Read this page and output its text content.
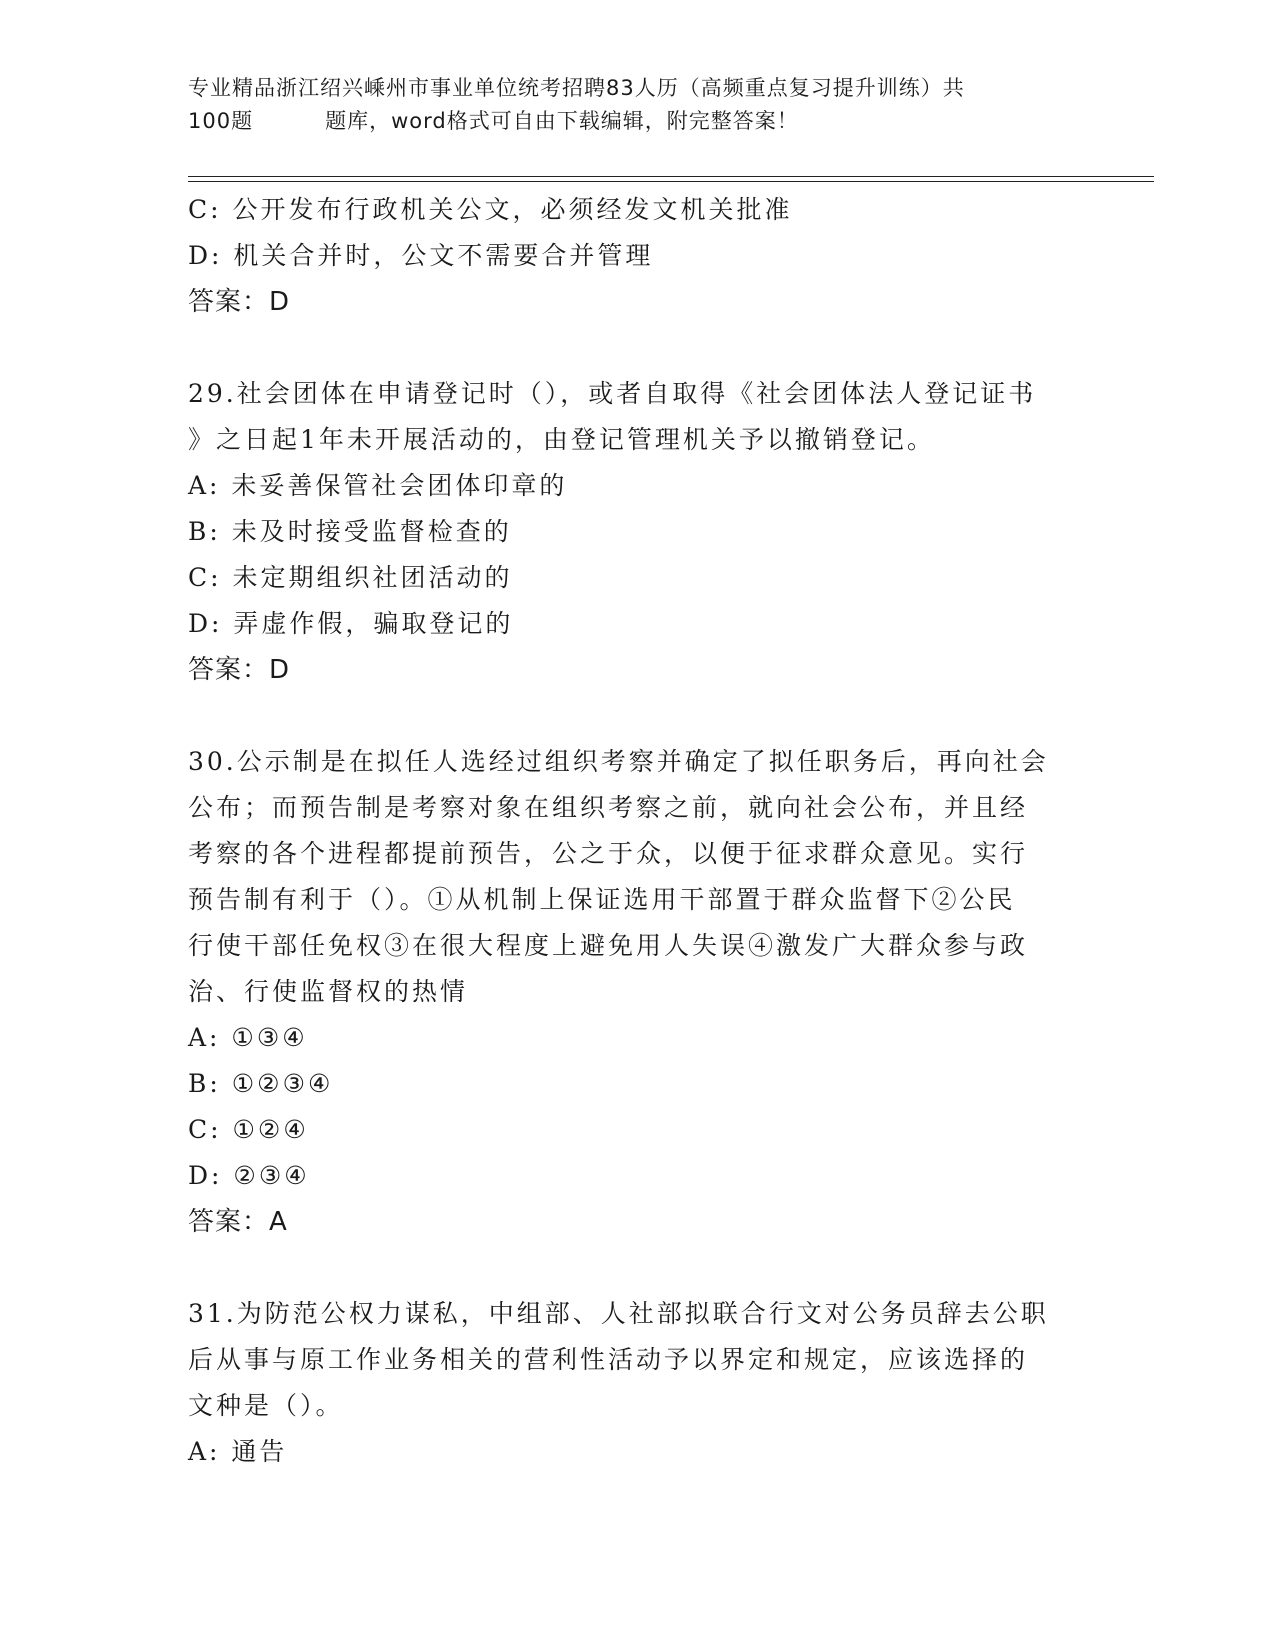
专业精品浙江绍兴嵊州市事业单位统考招聘83人历（高频重点复习提升训练）共
100题	题库，word格式可自由下载编辑，附完整答案！
C: 公开发布行政机关公文，必须经发文机关批准
D: 机关合并时，公文不需要合并管理
答案：D
29.社会团体在申请登记时（），或者自取得《社会团体法人登记证书
》之日起1年未开展活动的，由登记管理机关予以撤销登记。
A: 未妥善保管社会团体印章的
B: 未及时接受监督检查的
C: 未定期组织社团活动的
D: 弄虚作假，骗取登记的
答案：D
30.公示制是在拟任人选经过组织考察并确定了拟任职务后，再向社会
公布；而预告制是考察对象在组织考察之前，就向社会公布，并且经
考察的各个进程都提前预告，公之于众，以便于征求群众意见。实行
预告制有利于（）。①从机制上保证选用干部置于群众监督下②公民
行使干部任免权③在很大程度上避免用人失误④激发广大群众参与政
治、行使监督权的热情
A: ①③④
B: ①②③④
C: ①②④
D: ②③④
答案：A
31.为防范公权力谋私，中组部、人社部拟联合行文对公务员辞去公职
后从事与原工作业务相关的营利性活动予以界定和规定，应该选择的
文种是（）。
A: 通告
